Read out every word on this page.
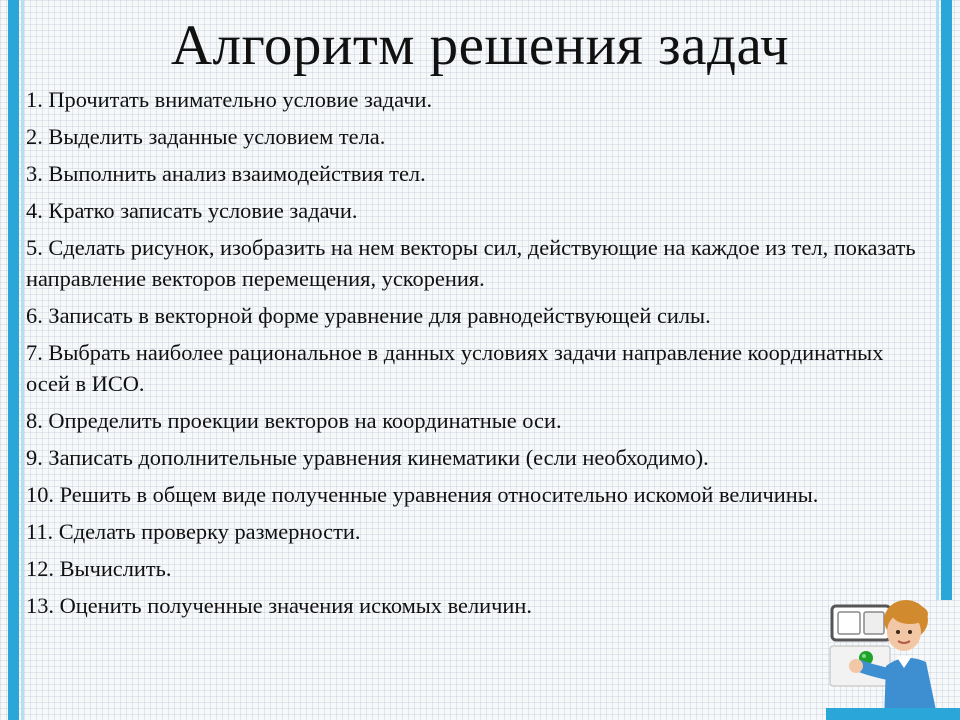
Алгоритм решения задач
1. Прочитать внимательно условие задачи.
2. Выделить заданные условием тела.
3. Выполнить анализ взаимодействия тел.
4. Кратко записать условие задачи.
5. Сделать рисунок, изобразить на нем векторы сил, действующие на каждое из тел, показать направление векторов перемещения, ускорения.
6. Записать в векторной форме уравнение для равнодействующей силы.
7. Выбрать наиболее рациональное в данных условиях задачи направление координатных осей в ИСО.
8. Определить проекции векторов на координатные оси.
9. Записать дополнительные уравнения кинематики (если необходимо).
10. Решить в общем виде полученные уравнения относительно искомой величины.
11. Сделать проверку размерности.
12. Вычислить.
13. Оценить полученные значения искомых величин.
